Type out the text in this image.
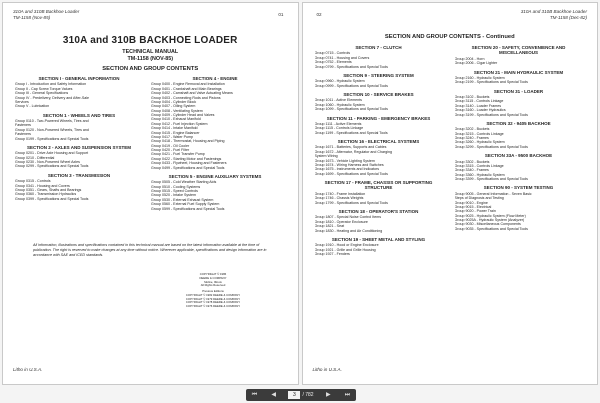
310A and 310B Backhoe Loader
TM-1158 (Nov-85)
01
310A and 310B BACKHOE LOADER
TECHNICAL MANUAL
TM-1158 (NOV-85)
SECTION AND GROUP CONTENTS
SECTION I - GENERAL INFORMATION
Group I - Introduction and Safety Information
Group II - Cap Screw Torque Values
Group III - General Specifications
Group IV - Predelivery, Delivery and After-Sale
Services
Group V - Lubrication
SECTION 1 - WHEELS AND TIRES
Group 0110 - Two-Powered Wheels, Tires and
Fasteners
Group 0120 - Non-Powered Wheels, Tires and
Fasteners
Group 0199 - Specifications and Special Tools
SECTION 2 - AXLES AND SUSPENSION SYSTEM
Group 0201 - Drive Axle Housing and Support
Group 0210 - Differential
Group 0230 - Non-Powered Wheel Axles
Group 0299 - Specifications and Special Tools
SECTION 3 - TRANSMISSION
Group 0315 - Controls
Group 0341 - Housing and Covers
Group 0351 - Gears, Shafts and Bearings
Group 0360 - Transmission Hydraulics
Group 0399 - Specifications and Special Tools
SECTION 4 - ENGINE
Group 0400 - Engine Removal and Installation
Group 0401 - Crankshaft and Main Bearings
Group 0402 - Camshaft and Valve Actuating Means
Group 0403 - Connecting Rods and Pistons
Group 0404 - Cylinder Block
Group 0407 - Oiling System
Group 0408 - Ventilating System
Group 0409 - Cylinder Head and Valves
Group 0410 - Exhaust Manifold
Group 0412 - Fuel Injection System
Group 0414 - Intake Manifold
Group 0415 - Engine Balancer
Group 0417 - Water Pump
Group 0418 - Thermostat, Housing and Piping
Group 0419 - Oil Cooler
Group 0420 - Fuel Filter
Group 0421 - Fuel Transfer Pump
Group 0422 - Starting Motor and Fastenings
Group 0433 - Flywheel, Housing and Fasteners
Group 0499 - Specifications and Special Tools
SECTION 5 - ENGINE AUXILIARY SYSTEMS
Group 0505 - Cold Weather Starting Aids
Group 0510 - Cooling Systems
Group 0515 - Speed Controls
Group 0520 - Intake System
Group 0530 - External Exhaust System
Group 0560 - External Fuel Supply System
Group 0599 - Specifications and Special Tools
All information, illustrations and specifications contained in this technical manual are based on the latest information available at the time of publication. The right is reserved to make changes at any time without notice. Wherever applicable, specifications and design information are in accordance with SAE and ICED standards.
COPYRIGHT © 1986
DEERE & COMPANY
Moline, Illinois
All Rights Reserved
Previous Editions
COPYRIGHT © 1982 DEERE & COMPANY
COPYRIGHT © 1979 DEERE & COMPANY
COPYRIGHT © 1978 DEERE & COMPANY
COPYRIGHT © 1976 DEERE & COMPANY
Litho in U.S.A.
02
310A and 310B Backhoe Loader
TM-1158 (Dec-82)
SECTION AND GROUP CONTENTS - Continued
SECTION 7 - CLUTCH
Group 0715 - Controls
Group 0741 - Housing and Covers
Group 0752 - Elements
Group 0799 - Specifications and Special Tools
SECTION 9 - STEERING SYSTEM
Group 0960 - Hydraulic System
Group 0999 - Specifications and Special Tools
SECTION 10 - SERVICE BRAKES
Group 1011 - Active Elements
Group 1060 - Hydraulic System
Group 1099 - Specifications and Special Tools
SECTION 11 - PARKING - EMERGENCY BRAKES
Group 1111 - Active Elements
Group 1115 - Controls Linkage
Group 1199 - Specifications and Special Tools
SECTION 16 - ELECTRICAL SYSTEMS
Group 1671 - Batteries, Supports and Cables
Group 1672 - Alternator, Regulator and Charging
System Wiring
Group 1673 - Vehicle Lighting System
Group 1674 - Wiring Harness and Switches
Group 1675 - Instruments and Indicators
Group 1699 - Specifications and Special Tools
SECTION 17 - FRAME, CHASSIS OR SUPPORTING STRUCTURE
Group 1740 - Frame Installation
Group 1746 - Chassis Weights
Group 1799 - Specifications and Special Tools
SECTION 18 - OPERATOR'S STATION
Group 1807 - Special Noise Control Items
Group 1810 - Operator Enclosure
Group 1821 - Seat
Group 1830 - Heating and Air Conditioning
SECTION 19 - SHEET METAL AND STYLING
Group 1910 - Hood or Engine Enclosure
Group 1921 - Grille and Grille Housing
Group 1927 - Fenders
SECTION 20 - SAFETY, CONVENIENCE AND MISCELLANEOUS
Group 2004 - Horn
Group 2006 - Cigar Lighter
SECTION 21 - MAIN HYDRAULIC SYSTEM
Group 2160 - Hydraulic System
Group 2199 - Specifications and Special Tools
SECTION 31 - LOADER
Group 3102 - Buckets
Group 3115 - Controls Linkage
Group 3140 - Loader Frames
Group 3160 - Loader Hydraulics
Group 3199 - Specifications and Special Tools
SECTION 32 - 9405 BACKHOE
Group 3202 - Buckets
Group 3215 - Controls Linkage
Group 3240 - Frames
Group 3260 - Hydraulic System
Group 3299 - Specifications and Special Tools
SECTION 33A - 9500 BACKHOE
Group 3302 - Buckets
Group 3315 - Controls Linkage
Group 3340 - Frames
Group 3360 - Hydraulic System
Group 3399 - Specifications and Special Tools
SECTION 90 - SYSTEM TESTING
Group 9005 - General Information - Seven Basic
Steps of Diagnosis and Testing
Group 9010 - Engine
Group 9015 - Electrical
Group 9020 - Power Train
Group 9025 - Hydraulic System (Flow Meter)
Group 9025A - Hydraulic System (Analyzer)
Group 9030 - Miscellaneous Components
Group 9035 - Specifications and Special Tools
Litho in U.S.A.
⏮	◀
3	/ 782	▶	⏭
